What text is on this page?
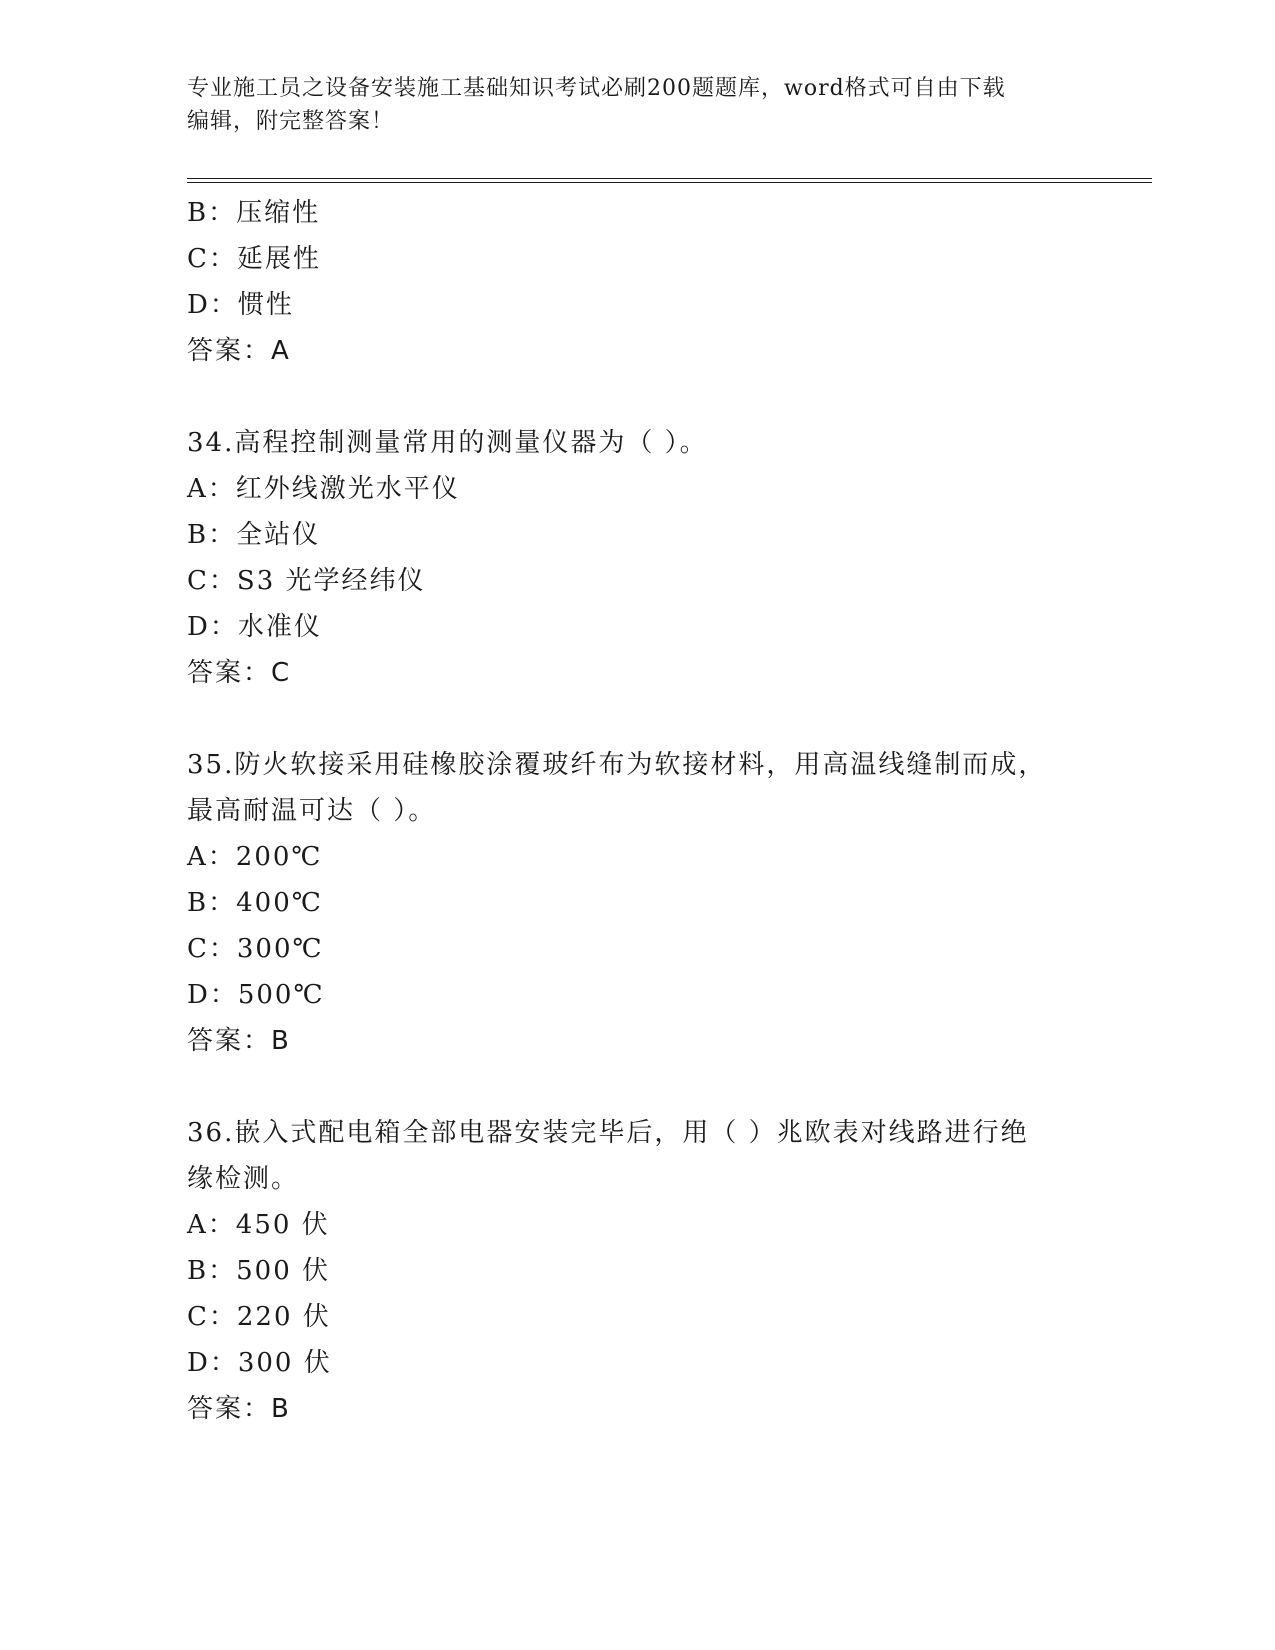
专业施工员之设备安装施工基础知识考试必刷200题题库，word格式可自由下载
编辑，附完整答案！
B：压缩性
C：延展性
D：惯性
答案：A
34.高程控制测量常用的测量仪器为（ ）。
A：红外线激光水平仪
B：全站仪
C：S3 光学经纬仪
D：水准仪
答案：C
35.防火软接采用硅橡胶涂覆玻纤布为软接材料，用高温线缝制而成，
最高耐温可达（ ）。
A：200℃
B：400℃
C：300℃
D：500℃
答案：B
36.嵌入式配电箱全部电器安装完毕后，用（ ）兆欧表对线路进行绝
缘检测。
A：450 伏
B：500 伏
C：220 伏
D：300 伏
答案：B
